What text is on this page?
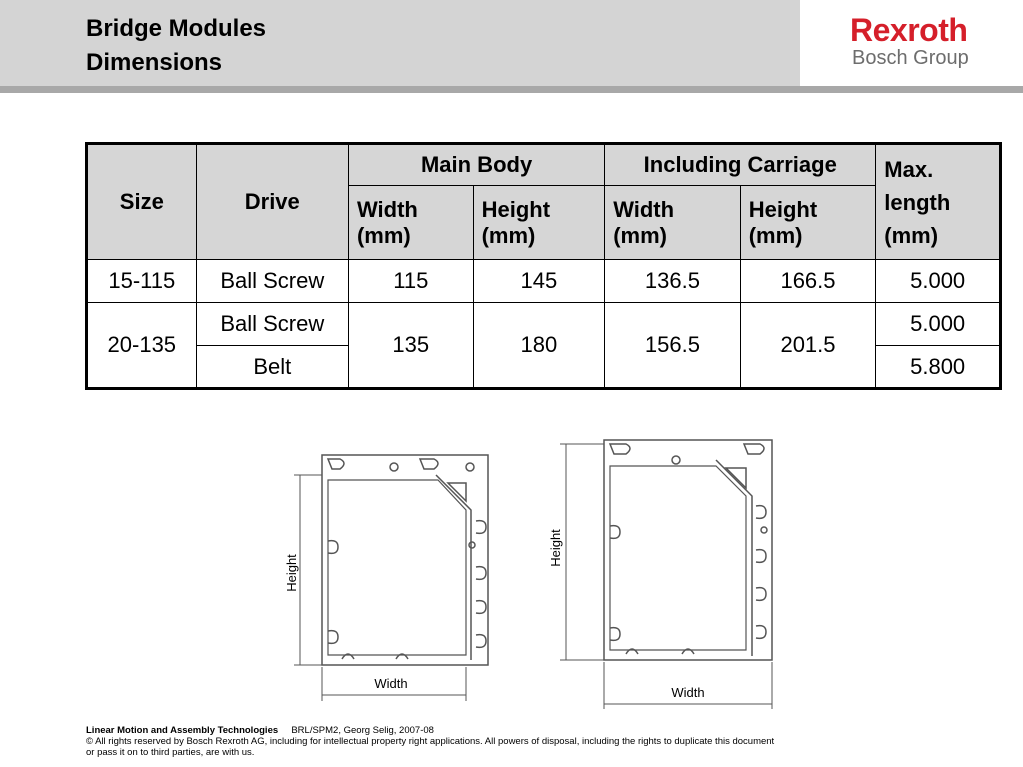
Rexroth
Bosch Group
Bridge Modules
Dimensions
Size	Drive	Main Body		Including Carriage		Max.
length
(mm)
		Width (mm)	Height (mm)	Width (mm)	Height (mm)	
15-115	Ball Screw	115	145	136.5	166.5	5.000
20-135	Ball Screw	135	180	156.5	201.5	5.000
	Belt					5.800
Height
Width
Height
Width
Linear Motion and Assembly Technologies BRL/SPM2, Georg Selig, 2007-08
© All rights reserved by Bosch Rexroth AG, including for intellectual property right applications. All powers of disposal, including the rights to duplicate this document
or pass it on to third parties, are with us.
